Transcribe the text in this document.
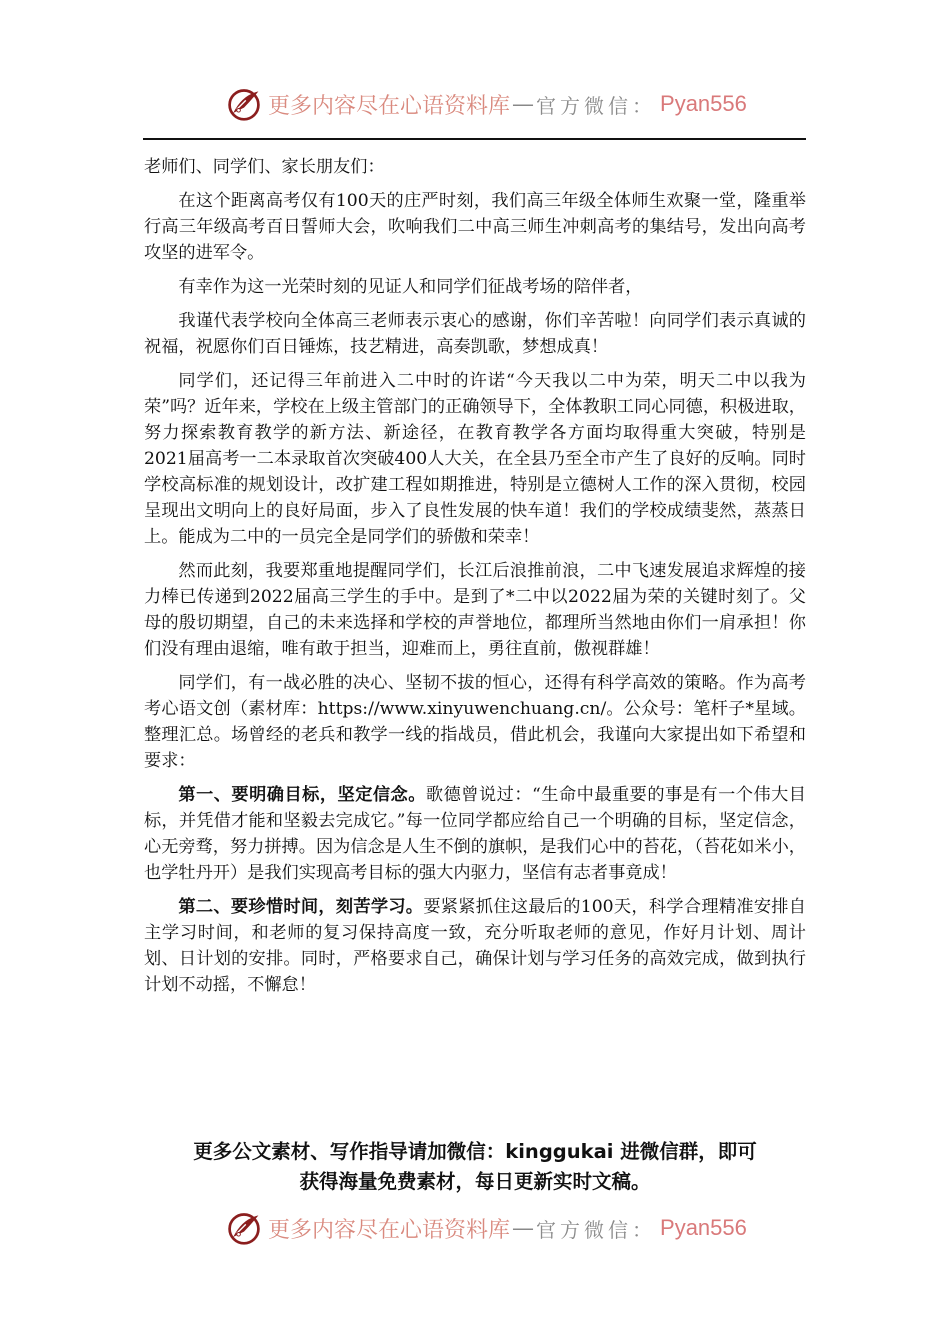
更多内容尽在心语资料库 — 官方微信： Pyan556

老师们、同学们、家长朋友们：

在这个距离高考仅有100天的庄严时刻，我们高三年级全体师生欢聚一堂，隆重举行高三年级高考百日誓师大会，吹响我们二中高三师生冲刺高考的集结号，发出向高考攻坚的进军令。

有幸作为这一光荣时刻的见证人和同学们征战考场的陪伴者，

我谨代表学校向全体高三老师表示衷心的感谢，你们辛苦啦！向同学们表示真诚的祝福，祝愿你们百日锤炼，技艺精进，高奏凯歌，梦想成真！

同学们，还记得三年前进入二中时的许诺“今天我以二中为荣，明天二中以我为荣”吗？近年来，学校在上级主管部门的正确领导下，全体教职工同心同德，积极进取，努力探索教育教学的新方法、新途径，在教育教学各方面均取得重大突破，特别是2021届高考一二本录取首次突破400人大关，在全县乃至全市产生了良好的反响。同时学校高标准的规划设计，改扩建工程如期推进，特别是立德树人工作的深入贯彻，校园呈现出文明向上的良好局面，步入了良性发展的快车道！我们的学校成绩斐然，蒸蒸日上。能成为二中的一员完全是同学们的骄傲和荣幸！

然而此刻，我要郑重地提醒同学们，长江后浪推前浪，二中飞速发展追求辉煌的接力棒已传递到2022届高三学生的手中。是到了*二中以2022届为荣的关键时刻了。父母的殷切期望，自己的未来选择和学校的声誉地位，都理所当然地由你们一肩承担！你们没有理由退缩，唯有敢于担当，迎难而上，勇往直前，傲视群雄！

同学们，有一战必胜的决心、坚韧不拔的恒心，还得有科学高效的策略。作为高考考心语文创（素材库：https://www.xinyuwenchuang.cn/。公众号：笔杆子*星域。整理汇总。场曾经的老兵和教学一线的指战员，借此机会，我谨向大家提出如下希望和要求：

第一、要明确目标，坚定信念。歌德曾说过：“生命中最重要的事是有一个伟大目标，并凭借才能和坚毅去完成它。”每一位同学都应给自己一个明确的目标，坚定信念，心无旁骛，努力拼搏。因为信念是人生不倒的旗帜，是我们心中的苔花，（苔花如米小，也学牡丹开）是我们实现高考目标的强大内驱力，坚信有志者事竟成！

第二、要珍惜时间，刻苦学习。要紧紧抓住这最后的100天，科学合理精准安排自主学习时间，和老师的复习保持高度一致，充分听取老师的意见，作好月计划、周计划、日计划的安排。同时，严格要求自己，确保计划与学习任务的高效完成，做到执行计划不动摇，不懈怠！

更多公文素材、写作指导请加微信：kinggukai 进微信群，即可
获得海量免费素材，每日更新实时文稿。
更多内容尽在心语资料库 — 官方微信： Pyan556
